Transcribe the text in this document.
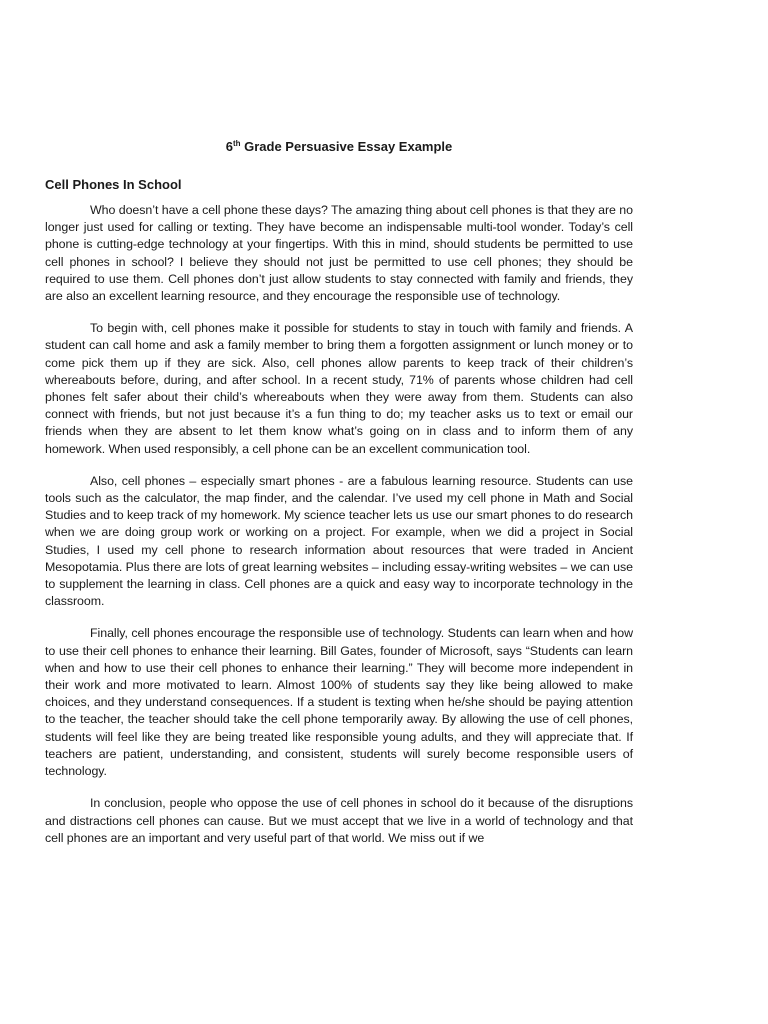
6th Grade Persuasive Essay Example
Cell Phones In School

Who doesn’t have a cell phone these days? The amazing thing about cell phones is that they are no longer just used for calling or texting. They have become an indispensable multi-tool wonder. Today’s cell phone is cutting-edge technology at your fingertips. With this in mind, should students be permitted to use cell phones in school? I believe they should not just be permitted to use cell phones; they should be required to use them. Cell phones don’t just allow students to stay connected with family and friends, they are also an excellent learning resource, and they encourage the responsible use of technology.

To begin with, cell phones make it possible for students to stay in touch with family and friends. A student can call home and ask a family member to bring them a forgotten assignment or lunch money or to come pick them up if they are sick. Also, cell phones allow parents to keep track of their children’s whereabouts before, during, and after school. In a recent study, 71% of parents whose children had cell phones felt safer about their child’s whereabouts when they were away from them. Students can also connect with friends, but not just because it’s a fun thing to do; my teacher asks us to text or email our friends when they are absent to let them know what’s going on in class and to inform them of any homework. When used responsibly, a cell phone can be an excellent communication tool.

Also, cell phones – especially smart phones - are a fabulous learning resource. Students can use tools such as the calculator, the map finder, and the calendar. I’ve used my cell phone in Math and Social Studies and to keep track of my homework. My science teacher lets us use our smart phones to do research when we are doing group work or working on a project. For example, when we did a project in Social Studies, I used my cell phone to research information about resources that were traded in Ancient Mesopotamia. Plus there are lots of great learning websites – including essay-writing websites – we can use to supplement the learning in class. Cell phones are a quick and easy way to incorporate technology in the classroom.

Finally, cell phones encourage the responsible use of technology. Students can learn when and how to use their cell phones to enhance their learning. Bill Gates, founder of Microsoft, says “Students can learn when and how to use their cell phones to enhance their learning.” They will become more independent in their work and more motivated to learn. Almost 100% of students say they like being allowed to make choices, and they understand consequences. If a student is texting when he/she should be paying attention to the teacher, the teacher should take the cell phone temporarily away. By allowing the use of cell phones, students will feel like they are being treated like responsible young adults, and they will appreciate that. If teachers are patient, understanding, and consistent, students will surely become responsible users of technology.

In conclusion, people who oppose the use of cell phones in school do it because of the disruptions and distractions cell phones can cause. But we must accept that we live in a world of technology and that cell phones are an important and very useful part of that world. We miss out if we
